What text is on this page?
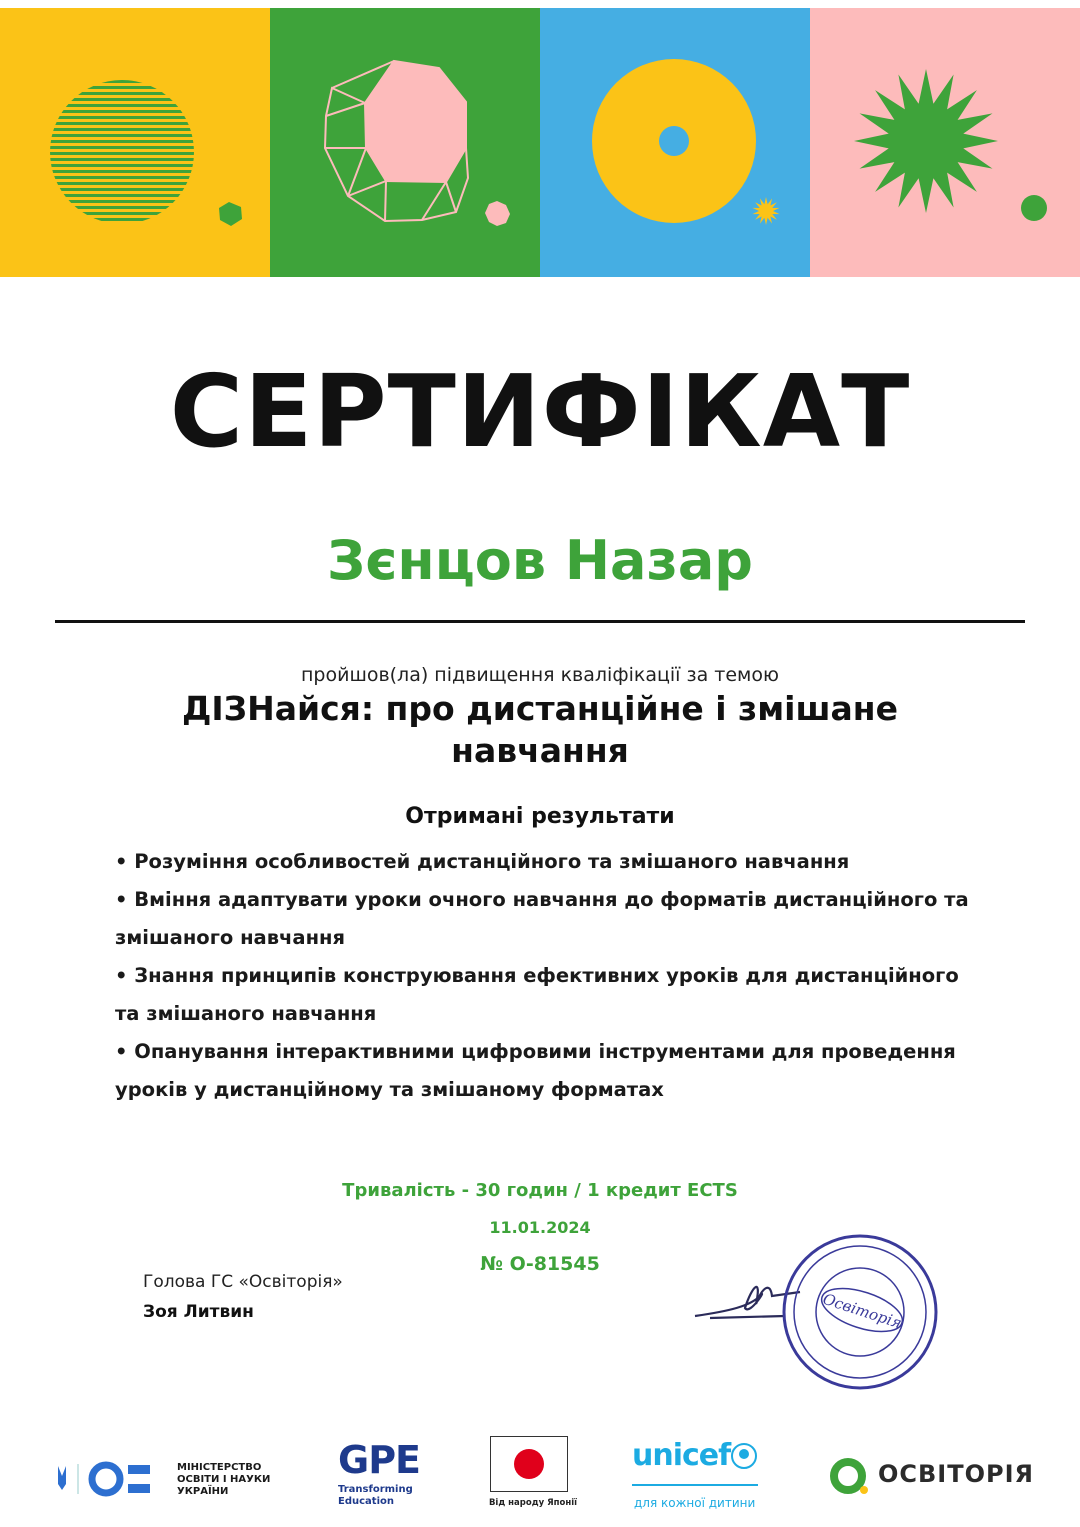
СЕРТИФІКАТ
Зєнцов Назар
пройшов(ла) підвищення кваліфікації за темою
ДІЗНайся: про дистанційне і змішане навчання
Отримані результати
• Розуміння особливостей дистанційного та змішаного навчання
• Вміння адаптувати уроки очного навчання до форматів дистанційного та змішаного навчання
• Знання принципів конструювання ефективних уроків для дистанційного та змішаного навчання
• Опанування інтерактивними цифровими інструментами для проведення уроків у дистанційному та змішаному форматах
Тривалість - 30 годин / 1 кредит ECTS
11.01.2024
№ О-81545
Голова ГС «Освіторія»
Зоя Литвин	Освіторія
МІНІСТЕРСТВО ОСВІТИ І НАУКИ УКРАЇНИ
GPE
Transforming Education	Від народу Японії
unicef
для кожної дитини
ОСВІТОРІЯ
